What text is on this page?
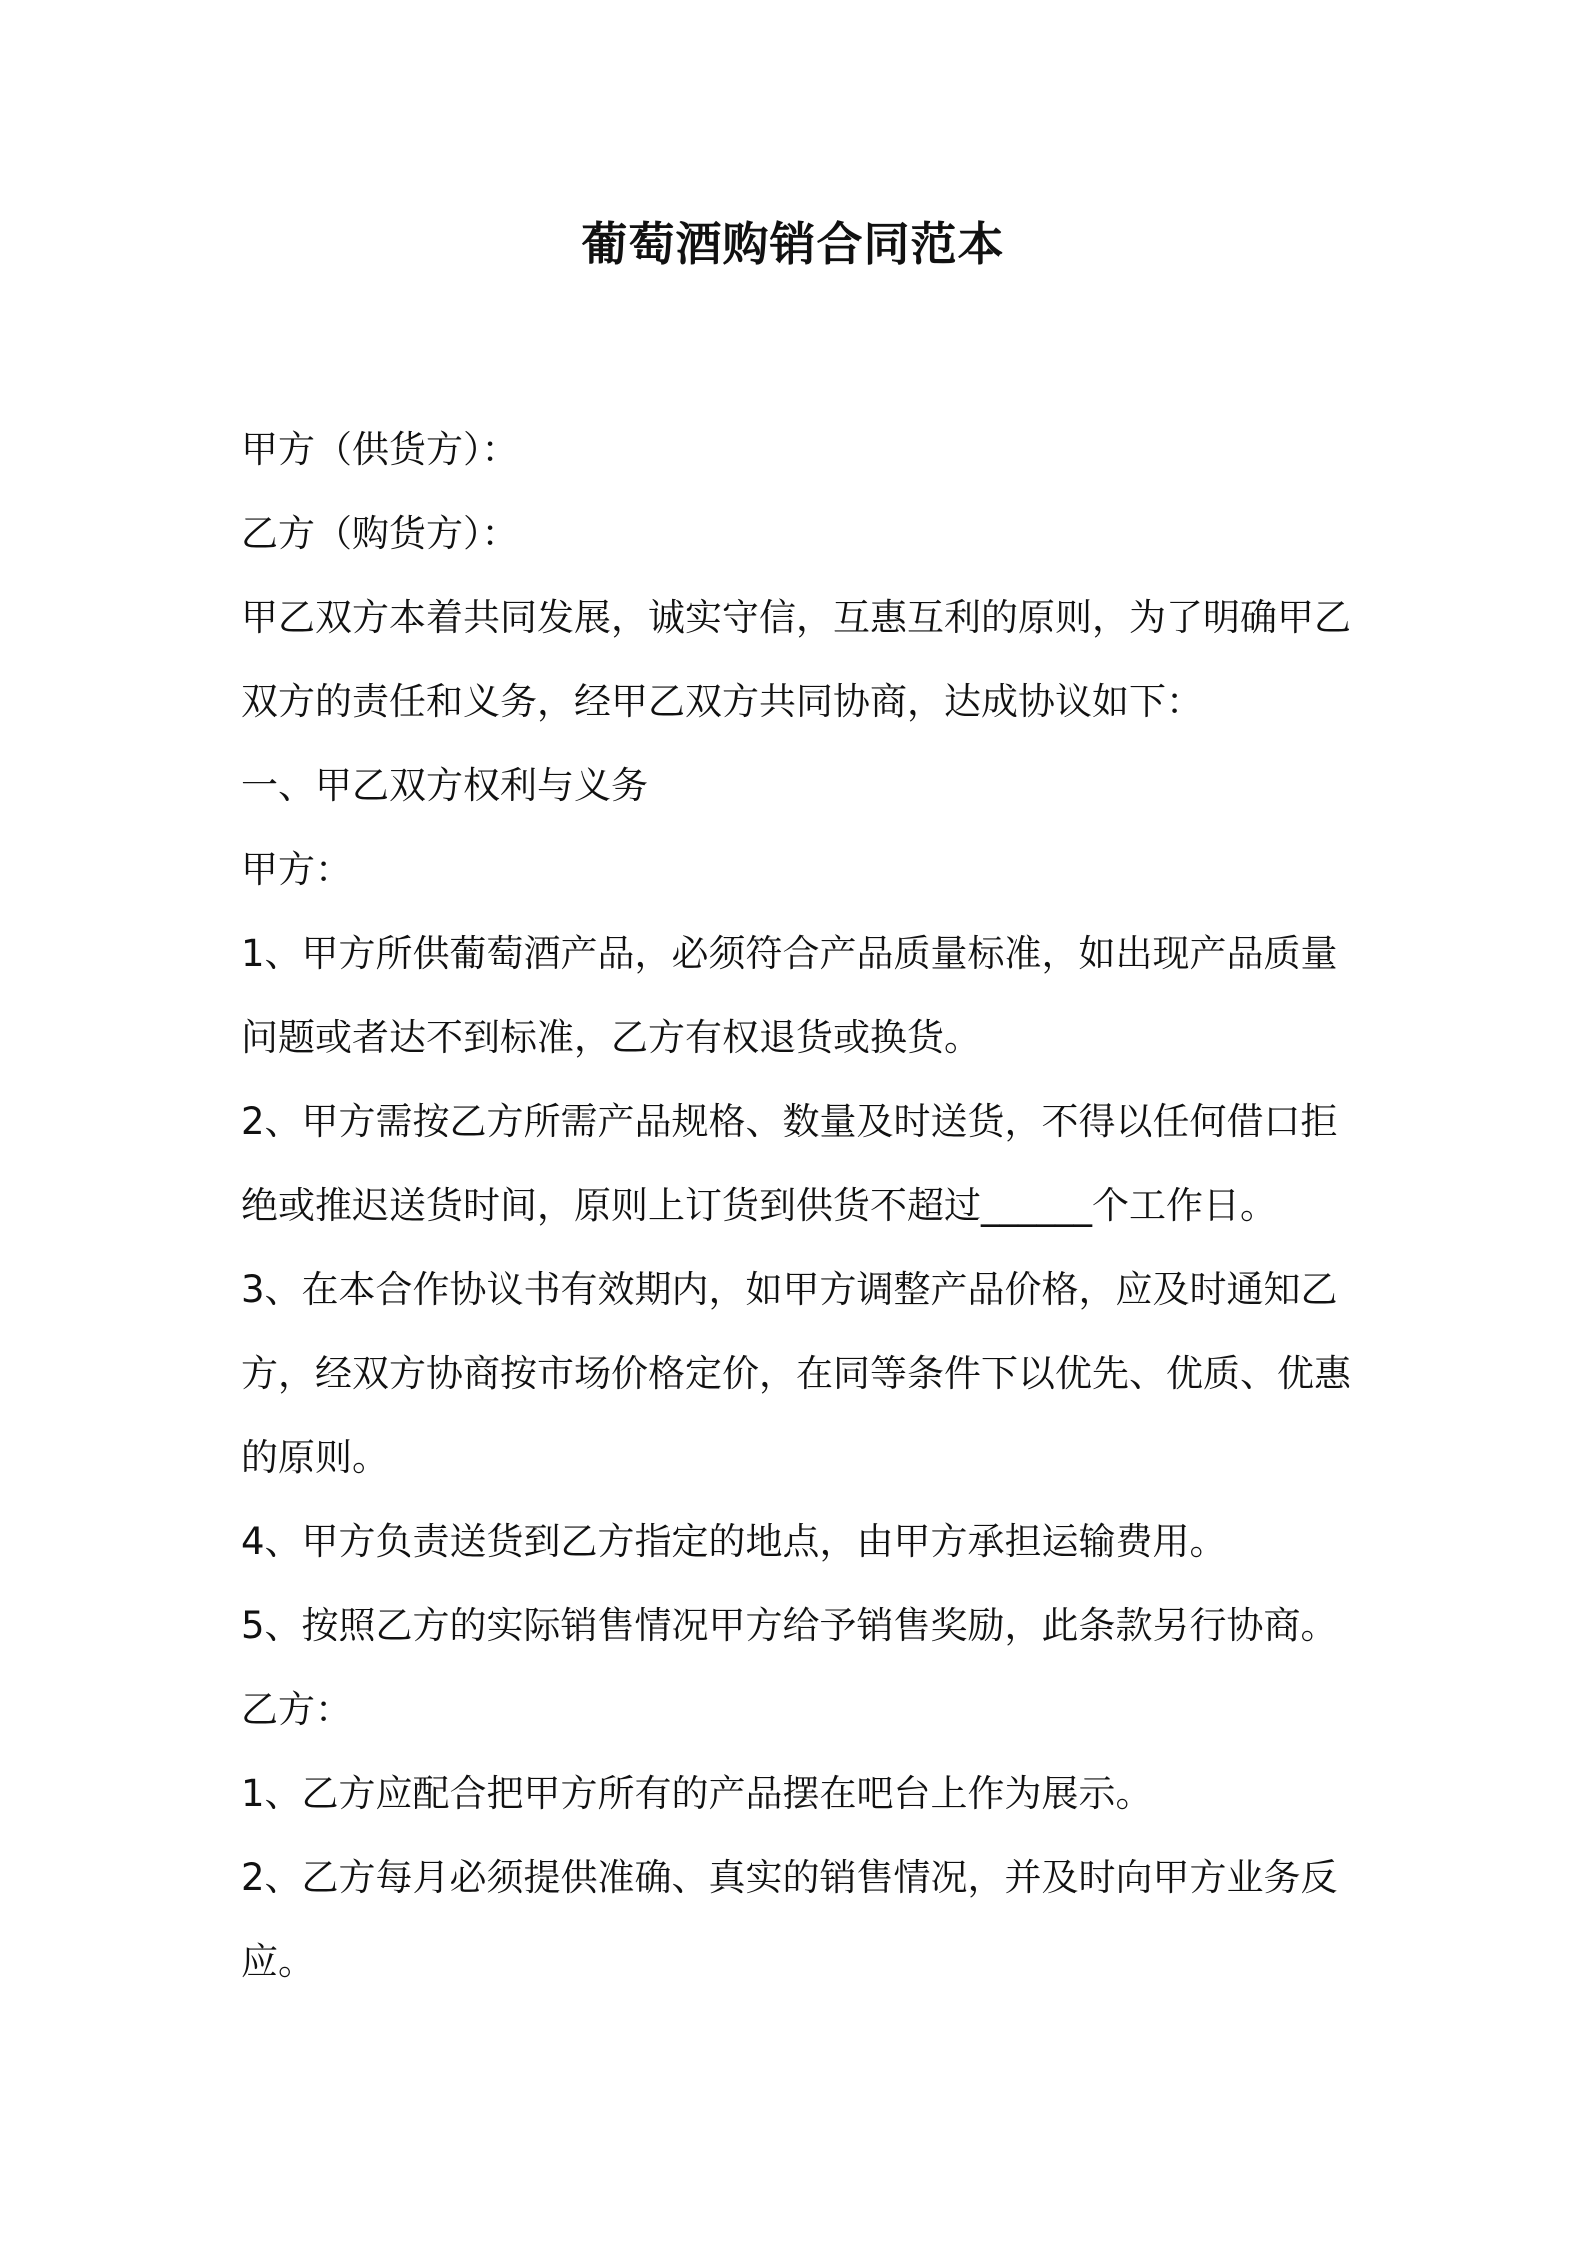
葡萄酒购销合同范本

甲方（供货方）：

乙方（购货方）：

甲乙双方本着共同发展，诚实守信，互惠互利的原则，为了明确甲乙

双方的责任和义务，经甲乙双方共同协商，达成协议如下：

一、甲乙双方权利与义务

甲方：

1、甲方所供葡萄酒产品，必须符合产品质量标准，如出现产品质量

问题或者达不到标准，乙方有权退货或换货。

2、甲方需按乙方所需产品规格、数量及时送货，不得以任何借口拒

绝或推迟送货时间，原则上订货到供货不超过______个工作日。

3、在本合作协议书有效期内，如甲方调整产品价格，应及时通知乙

方，经双方协商按市场价格定价，在同等条件下以优先、优质、优惠

的原则。

4、甲方负责送货到乙方指定的地点，由甲方承担运输费用。

5、按照乙方的实际销售情况甲方给予销售奖励，此条款另行协商。

乙方：

1、乙方应配合把甲方所有的产品摆在吧台上作为展示。

2、乙方每月必须提供准确、真实的销售情况，并及时向甲方业务反

应。
